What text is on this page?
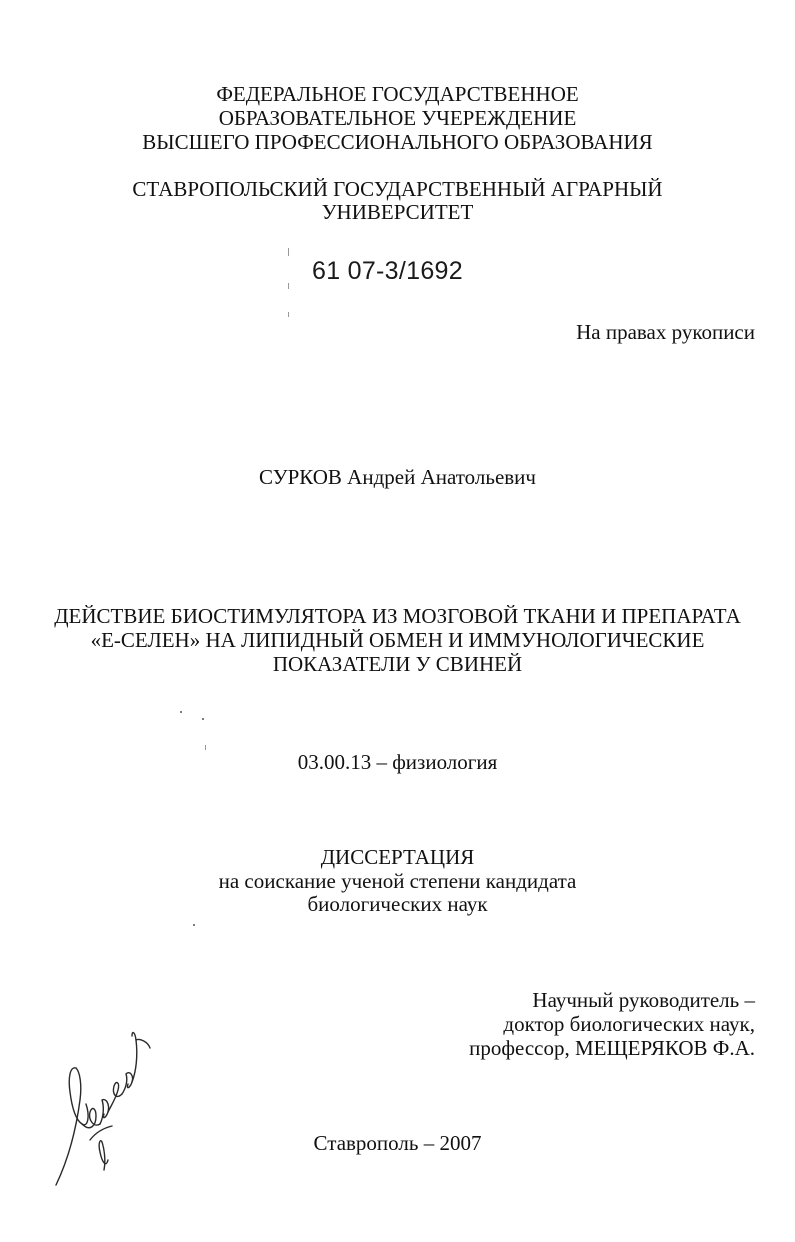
ФЕДЕРАЛЬНОЕ ГОСУДАРСТВЕННОЕ
ОБРАЗОВАТЕЛЬНОЕ УЧЕРЕЖДЕНИЕ
ВЫСШЕГО ПРОФЕССИОНАЛЬНОГО ОБРАЗОВАНИЯ
СТАВРОПОЛЬСКИЙ ГОСУДАРСТВЕННЫЙ АГРАРНЫЙ
УНИВЕРСИТЕТ
61 07-3/1692
На правах рукописи
СУРКОВ Андрей Анатольевич
ДЕЙСТВИЕ БИОСТИМУЛЯТОРА ИЗ МОЗГОВОЙ ТКАНИ И ПРЕПАРАТА
«Е-СЕЛЕН» НА ЛИПИДНЫЙ ОБМЕН И ИММУНОЛОГИЧЕСКИЕ
ПОКАЗАТЕЛИ У СВИНЕЙ
03.00.13 – физиология
ДИССЕРТАЦИЯ
на соискание ученой степени кандидата
биологических наук
Научный руководитель –
доктор биологических наук,
профессор, МЕЩЕРЯКОВ Ф.А.
Ставрополь – 2007
